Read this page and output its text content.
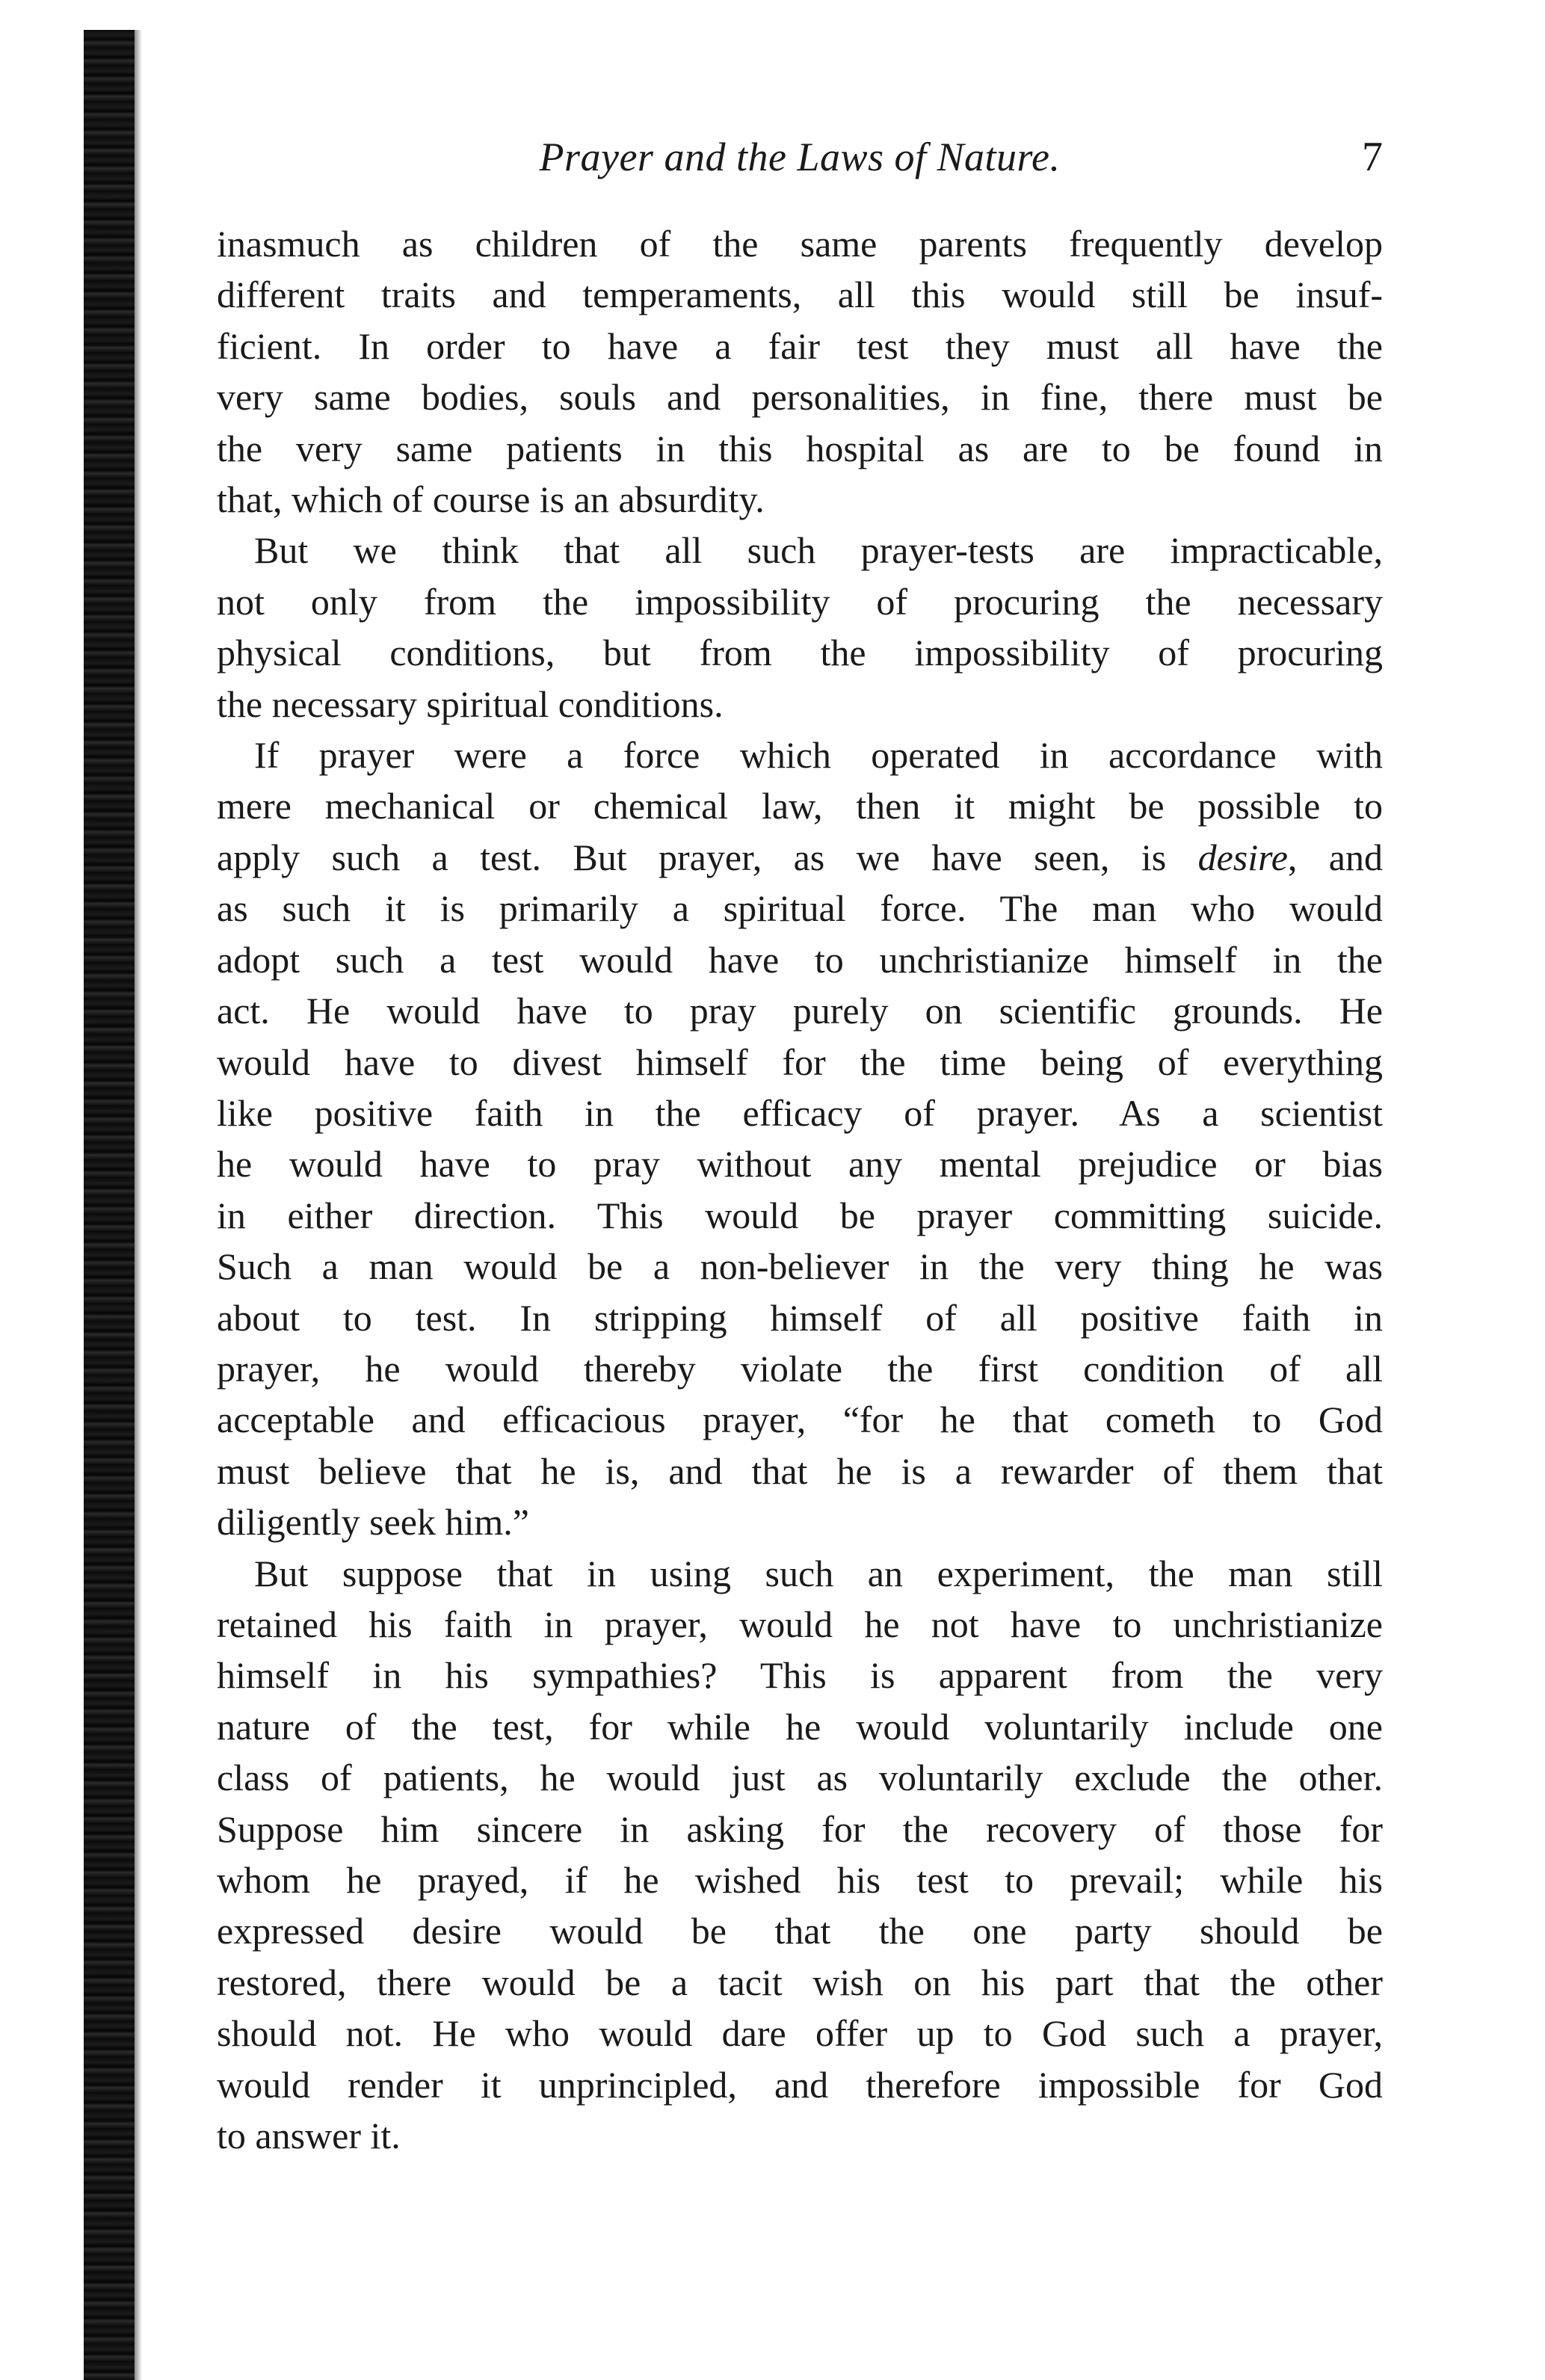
Prayer and the Laws of Nature.	7
inasmuch as children of the same parents frequently develop
different traits and temperaments, all this would still be insuf-
ficient. In order to have a fair test they must all have the
very same bodies, souls and personalities, in fine, there must be
the very same patients in this hospital as are to be found in
that, which of course is an absurdity.
But we think that all such prayer-tests are impracticable,
not only from the impossibility of procuring the necessary
physical conditions, but from the impossibility of procuring
the necessary spiritual conditions.
If prayer were a force which operated in accordance with
mere mechanical or chemical law, then it might be possible to
apply such a test. But prayer, as we have seen, is desire, and
as such it is primarily a spiritual force. The man who would
adopt such a test would have to unchristianize himself in the
act. He would have to pray purely on scientific grounds. He
would have to divest himself for the time being of everything
like positive faith in the efficacy of prayer. As a scientist
he would have to pray without any mental prejudice or bias
in either direction. This would be prayer committing suicide.
Such a man would be a non-believer in the very thing he was
about to test. In stripping himself of all positive faith in
prayer, he would thereby violate the first condition of all
acceptable and efficacious prayer, “for he that cometh to God
must believe that he is, and that he is a rewarder of them that
diligently seek him.”
But suppose that in using such an experiment, the man still
retained his faith in prayer, would he not have to unchristianize
himself in his sympathies? This is apparent from the very
nature of the test, for while he would voluntarily include one
class of patients, he would just as voluntarily exclude the other.
Suppose him sincere in asking for the recovery of those for
whom he prayed, if he wished his test to prevail; while his
expressed desire would be that the one party should be
restored, there would be a tacit wish on his part that the other
should not. He who would dare offer up to God such a prayer,
would render it unprincipled, and therefore impossible for God
to answer it.
